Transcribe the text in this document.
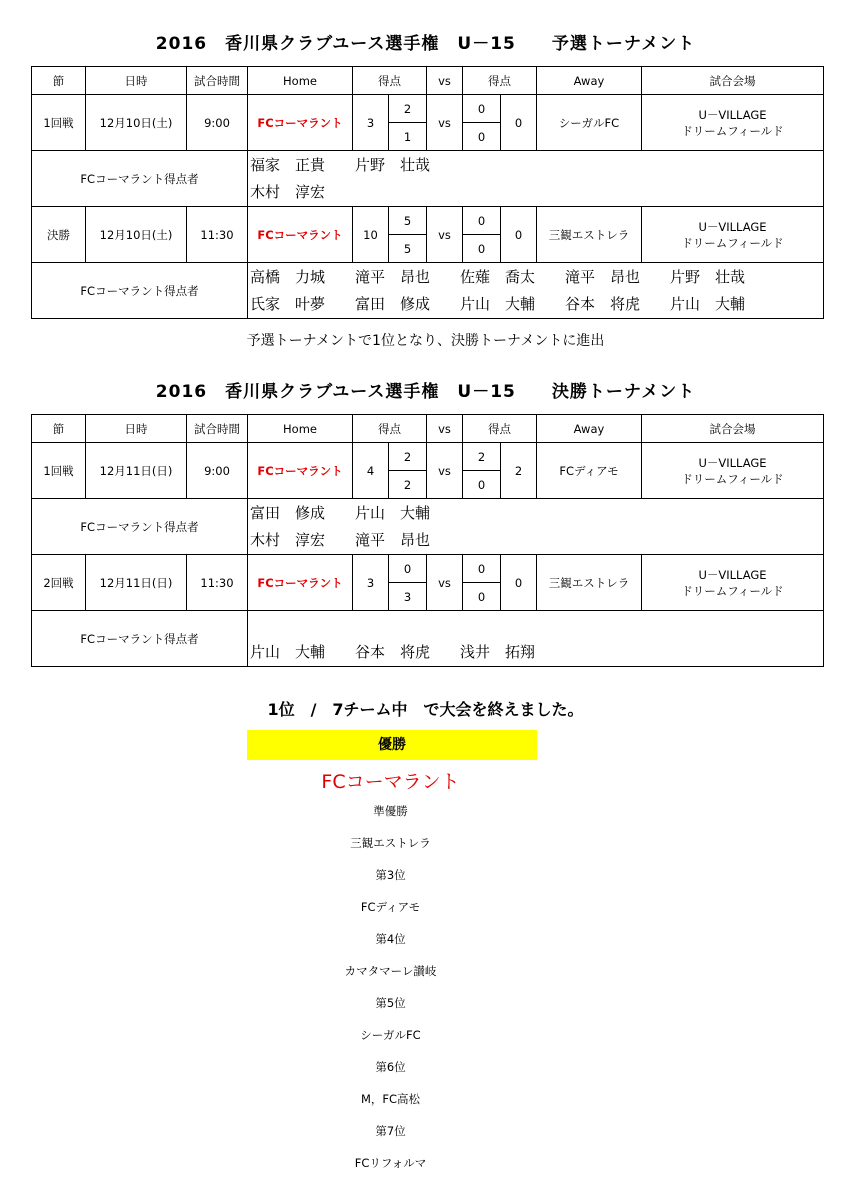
2016　香川県クラブユース選手権　U－15　　予選トーナメント
節	日時	試合時間	Home	得点		vs	得点		Away	試合会場
1回戦	12月10日(土)	9:00	FCコーマラント	3	2	vs	0	0	シーガルFC	U－VILLAGE
ドリームフィールド

					1		0			
FCコーマラント得点者			福家　正貴　　片野　壮哉
木村　淳宏							

決勝	12月10日(土)	11:30	FCコーマラント	10	5	vs	0	0	三観エストレラ	U－VILLAGE
ドリームフィールド

					5		0			
FCコーマラント得点者			高橋　力城　　滝平　昂也　　佐薙　喬太　　滝平　昂也　　片野　壮哉
氏家　叶夢　　富田　修成　　片山　大輔　　谷本　将虎　　片山　大輔							
予選トーナメントで1位となり、決勝トーナメントに進出
2016　香川県クラブユース選手権　U－15　　決勝トーナメント
節	日時	試合時間	Home	得点		vs	得点		Away	試合会場
1回戦	12月11日(日)	9:00	FCコーマラント	4	2	vs	2	2	FCディアモ	U－VILLAGE
ドリームフィールド

					2		0			
FCコーマラント得点者			富田　修成　　片山　大輔
木村　淳宏　　滝平　昂也							

2回戦	12月11日(日)	11:30	FCコーマラント	3	0	vs	0	0	三観エストレラ	U－VILLAGE
ドリームフィールド

					3		0			
FCコーマラント得点者			片山　大輔　　谷本　将虎　　浅井　拓翔							
1位　/　7チーム中　で大会を終えました。
優勝
FCコーマラント
準優勝
三観エストレラ
第3位
FCディアモ
第4位
カマタマーレ讃岐
第5位
シーガルFC
第6位
M，FC高松
第7位
FCリフォルマ
